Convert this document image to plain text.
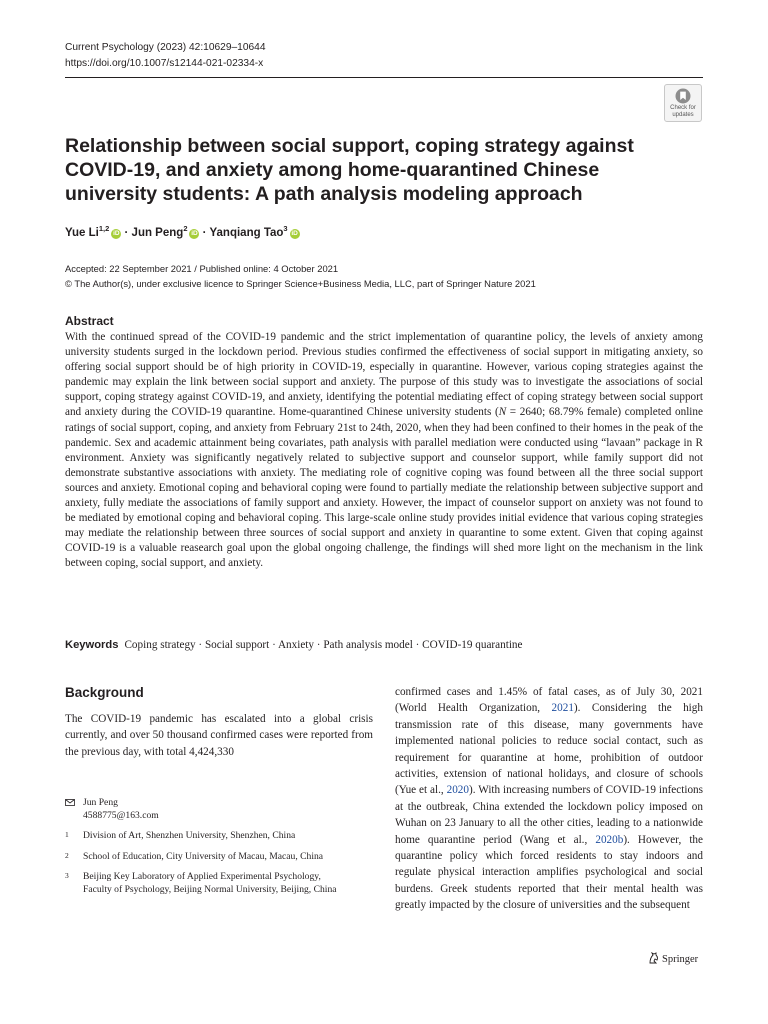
Current Psychology (2023) 42:10629–10644
https://doi.org/10.1007/s12144-021-02334-x
Check for
updates
Relationship between social support, coping strategy against COVID-19, and anxiety among home-quarantined Chinese university students: A path analysis modeling approach
Yue Li$^{1,2}$iD · Jun Peng$^2$iD · Yanqiang Tao$^3$iD
Accepted: 22 September 2021 / Published online: 4 October 2021
© The Author(s), under exclusive licence to Springer Science+Business Media, LLC, part of Springer Nature 2021
Abstract

With the continued spread of the COVID-19 pandemic and the strict implementation of quarantine policy, the levels of anxiety among university students surged in the lockdown period. Previous studies confirmed the effectiveness of social support in mitigating anxiety, so offering social support should be of high priority in COVID-19, especially in quarantine. However, various coping strategies against the pandemic may explain the link between social support and anxiety. The purpose of this study was to investigate the associations of social support, coping strategy against COVID-19, and anxiety, identifying the potential mediating effect of coping strategy between social support and anxiety during the COVID-19 quarantine. Home-quarantined Chinese university students (N = 2640; 68.79% female) completed online ratings of social support, coping, and anxiety from February 21st to 24th, 2020, when they had been confined to their homes in the peak of the pandemic. Sex and academic attainment being covariates, path analysis with parallel mediation were conducted using “lavaan” package in R environment. Anxiety was significantly negatively related to subjective support and counselor support, while family support did not demonstrate substantive associations with anxiety. The mediating role of cognitive coping was found between all the three social support sources and anxiety. Emotional coping and behavioral coping were found to partially mediate the relationship between subjective support and anxiety, fully mediate the associations of family support and anxiety. However, the impact of counselor support on anxiety was not found to be mediated by emotional coping and behavioral coping. This large-scale online study provides initial evidence that various coping strategies may mediate the relationship between three sources of social support and anxiety in quarantine to some extent. Given that coping against COVID-19 is a valuable reasearch goal upon the global ongoing challenge, the findings will shed more light on the mechanism in the link between coping, social support, and anxiety.

Keywords Coping strategy · Social support · Anxiety · Path analysis model · COVID-19 quarantine
Background

The COVID-19 pandemic has escalated into a global crisis currently, and over 50 thousand confirmed cases were reported from the previous day, with total 4,424,330

Jun Peng
4588775@163.com
1 Division of Art, Shenzhen University, Shenzhen, China
2 School of Education, City University of Macau, Macau, China
3 Beijing Key Laboratory of Applied Experimental Psychology, Faculty of Psychology, Beijing Normal University, Beijing, China

confirmed cases and 1.45% of fatal cases, as of July 30, 2021 (World Health Organization, 2021). Considering the high transmission rate of this disease, many governments have implemented national policies to reduce social contact, such as requirement for quarantine at home, prohibition of outdoor activities, extension of national holidays, and closure of schools (Yue et al., 2020). With increasing numbers of COVID-19 infections at the outbreak, China extended the lockdown policy imposed on Wuhan on 23 January to all the other cities, leading to a nationwide home quarantine period (Wang et al., 2020b). However, the quarantine policy which forced residents to stay indoors and regulate physical interaction amplifies psychological and social burdens. Greek students reported that their mental health was greatly impacted by the closure of universities and the subsequent

Springer
